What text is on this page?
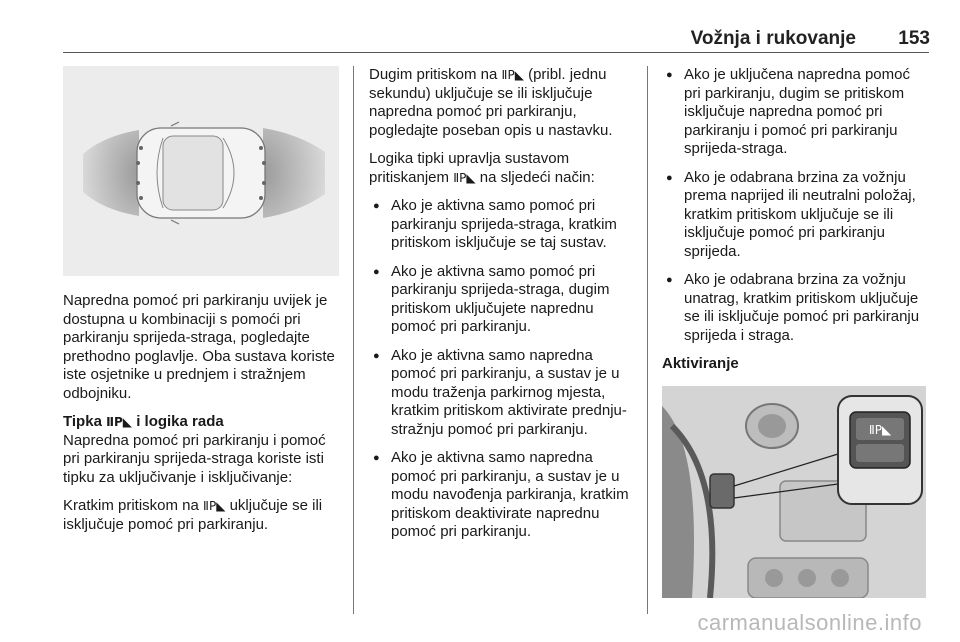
Vožnja i rukovanje 153

Napredna pomoć pri parkiranju uvijek je dostupna u kombinaciji s pomoći pri parkiranju sprijeda-straga, pogledajte prethodno poglavlje. Oba sustava koriste iste osjetnike u prednjem i stražnjem odbojniku.

Tipka ⅡP◣ i logika rada

Napredna pomoć pri parkiranju i pomoć pri parkiranju sprijeda-straga koriste isti tipku za uključivanje i isključivanje:

Kratkim pritiskom na ⅡP◣ uključuje se ili isključuje pomoć pri parkiranju.

Dugim pritiskom na ⅡP◣ (pribl. jednu sekundu) uključuje se ili isključuje napredna pomoć pri parkiranju, pogledajte poseban opis u nastavku.

Logika tipki upravlja sustavom pritiskanjem ⅡP◣ na sljedeći način:

● Ako je aktivna samo pomoć pri parkiranju sprijeda-straga, kratkim pritiskom isključuje se taj sustav.
● Ako je aktivna samo pomoć pri parkiranju sprijeda-straga, dugim pritiskom uključujete naprednu pomoć pri parkiranju.
● Ako je aktivna samo napredna pomoć pri parkiranju, a sustav je u modu traženja parkirnog mjesta, kratkim pritiskom aktivirate prednju-stražnju pomoć pri parkiranju.
● Ako je aktivna samo napredna pomoć pri parkiranju, a sustav je u modu navođenja parkiranja, kratkim pritiskom deaktivirate naprednu pomoć pri parkiranju.
● Ako je uključena napredna pomoć pri parkiranju, dugim se pritiskom isključuje napredna pomoć pri parkiranju i pomoć pri parkiranju sprijeda-straga.
● Ako je odabrana brzina za vožnju prema naprijed ili neutralni položaj, kratkim pritiskom uključuje se ili isključuje pomoć pri parkiranju sprijeda.
● Ako je odabrana brzina za vožnju unatrag, kratkim pritiskom uključuje se ili isključuje pomoć pri parkiranju sprijeda i straga.
Aktiviranje
ⅡP◣
carmanualsonline.info
